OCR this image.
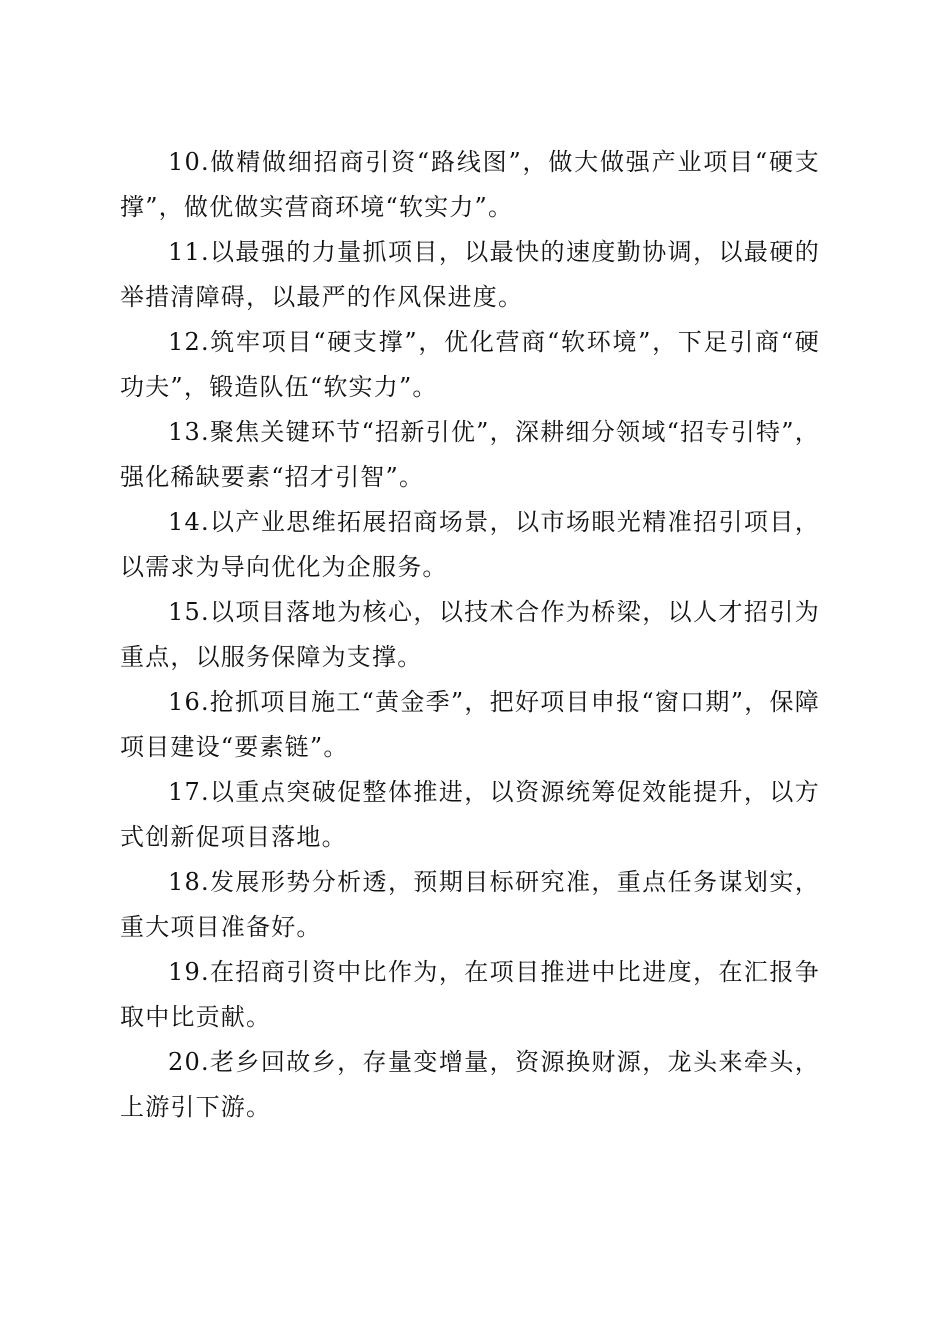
10.做精做细招商引资“路线图”，做大做强产业项目“硬支撑”，做优做实营商环境“软实力”。

11.以最强的力量抓项目，以最快的速度勤协调，以最硬的举措清障碍，以最严的作风保进度。

12.筑牢项目“硬支撑”，优化营商“软环境”，下足引商“硬功夫”，锻造队伍“软实力”。

13.聚焦关键环节“招新引优”，深耕细分领域“招专引特”，强化稀缺要素“招才引智”。

14.以产业思维拓展招商场景，以市场眼光精准招引项目，以需求为导向优化为企服务。

15.以项目落地为核心，以技术合作为桥梁，以人才招引为重点，以服务保障为支撑。

16.抢抓项目施工“黄金季”，把好项目申报“窗口期”，保障项目建设“要素链”。

17.以重点突破促整体推进，以资源统筹促效能提升，以方式创新促项目落地。

18.发展形势分析透，预期目标研究准，重点任务谋划实，重大项目准备好。

19.在招商引资中比作为，在项目推进中比进度，在汇报争取中比贡献。

20.老乡回故乡，存量变增量，资源换财源，龙头来牵头，上游引下游。
